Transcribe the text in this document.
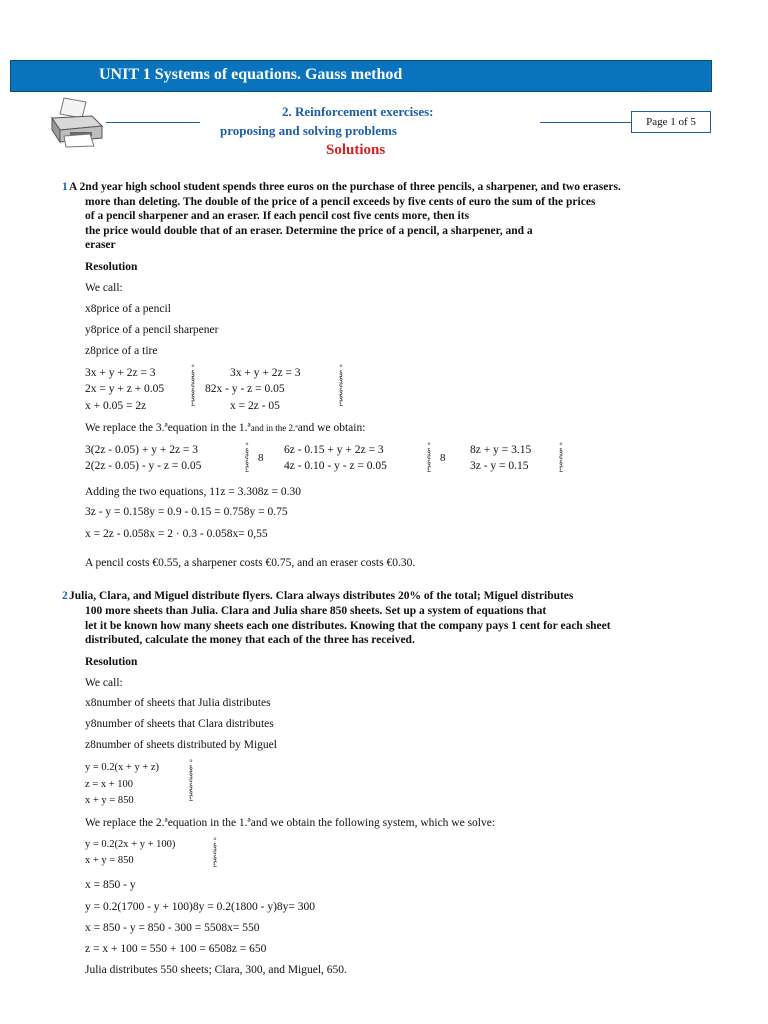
UNIT 1 Systems of equations. Gauss method
Page 1 of 5
2. Reinforcement exercises:
proposing and solving problems
Solutions
1 A 2nd year high school student spends three euros on the purchase of three pencils, a sharpener, and two erasers.
more than deleting. The double of the price of a pencil exceeds by five cents of euro the sum of the prices
of a pencil sharpener and an eraser. If each pencil cost five cents more, then its
the price would double that of an eraser. Determine the price of a pencil, a sharpener, and a
eraser
Resolution
We call:
x8price of a pencil
y8price of a pencil sharpener
z8price of a tire
3x + y + 2z = 3
2x = y + z + 0.05
x + 0.05 = 2z
°
§
§
¢
§
§
£
3x + y + 2z = 3
82x - y - z = 0.05
x = 2z - 05
°
§
§
¢
§
§
£
We replace the 3.ªequation in the 1.ªand in the 2.ªand we obtain:
3(2z - 0.05) + y + 2z = 3
2(2z - 0.05) - y - z = 0.05
°
§
¢
§
£
8
6z - 0.15 + y + 2z = 3
4z - 0.10 - y - z = 0.05
°
§
¢
§
£
8
8z + y = 3.15
3z - y = 0.15
°
§
¢
§
£
Adding the two equations, 11z = 3.308z = 0.30
3z - y = 0.158y = 0.9 - 0.15 = 0.758y = 0.75
x = 2z - 0.058x = 2 · 0.3 - 0.058x= 0,55
A pencil costs €0.55, a sharpener costs €0.75, and an eraser costs €0.30.
2 Julia, Clara, and Miguel distribute flyers. Clara always distributes 20% of the total; Miguel distributes
100 more sheets than Julia. Clara and Julia share 850 sheets. Set up a system of equations that
let it be known how many sheets each one distributes. Knowing that the company pays 1 cent for each sheet
distributed, calculate the money that each of the three has received.
Resolution
We call:
x8number of sheets that Julia distributes
y8number of sheets that Clara distributes
z8number of sheets distributed by Miguel
y = 0.2(x + y + z)
z = x + 100
x + y = 850
°
§
§
¢
§
§
£
We replace the 2.ªequation in the 1.ªand we obtain the following system, which we solve:
y = 0.2(2x + y + 100)
x + y = 850
°
§
¢
§
£
x = 850 - y
y = 0.2(1700 - y + 100)8y = 0.2(1800 - y)8y= 300
x = 850 - y = 850 - 300 = 5508x= 550
z = x + 100 = 550 + 100 = 6508z = 650
Julia distributes 550 sheets; Clara, 300, and Miguel, 650.
